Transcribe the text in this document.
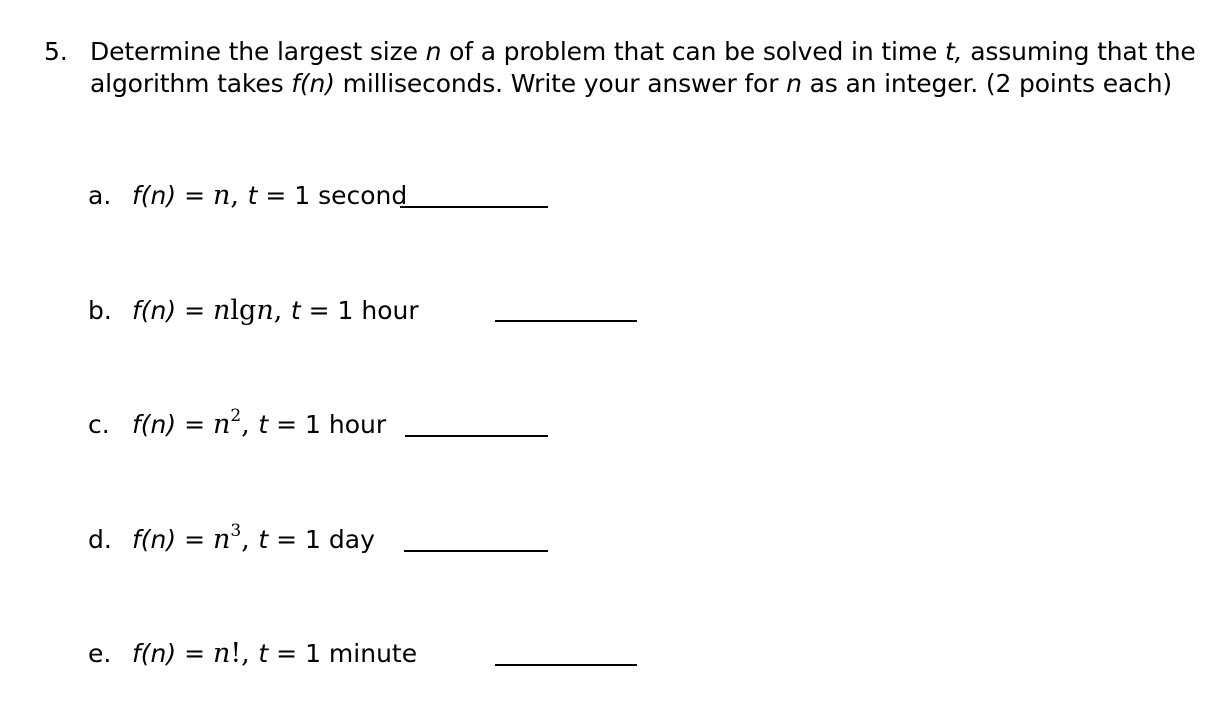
5. Determine the largest size n of a problem that can be solved in time t, assuming that the
algorithm takes f(n) milliseconds. Write your answer for n as an integer. (2 points each)
a. f(n) = n, t = 1 second
b. f(n) = nlgn, t = 1 hour
c. $f(n) = n^2$, t = 1 hour
d. $f(n) = n^3$, t = 1 day
e. f(n) = n!, t = 1 minute
